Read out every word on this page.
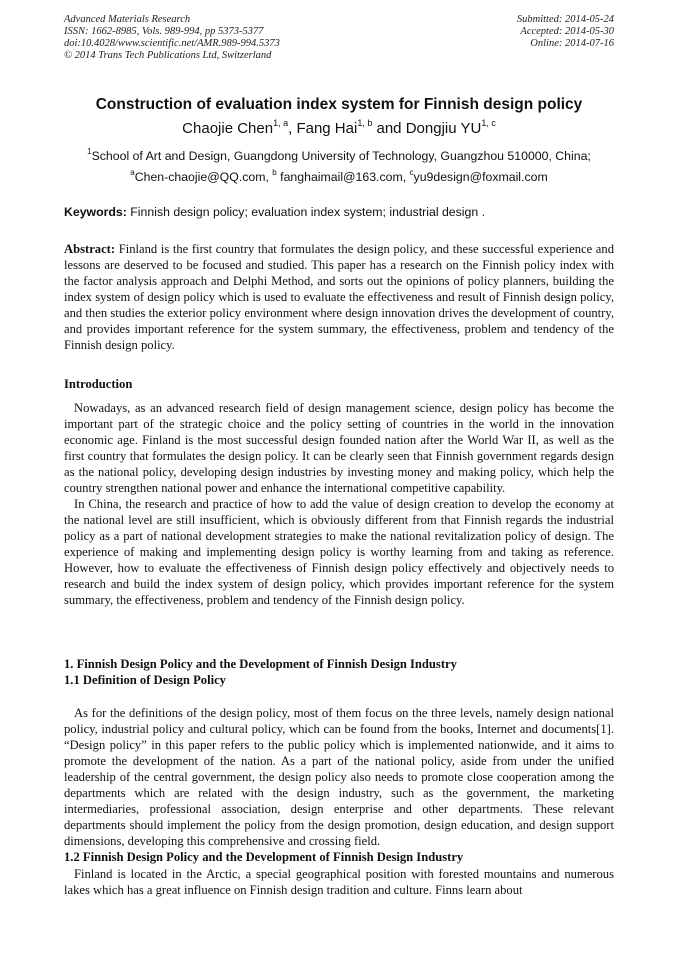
Advanced Materials Research
ISSN: 1662-8985, Vols. 989-994, pp 5373-5377
doi:10.4028/www.scientific.net/AMR.989-994.5373
© 2014 Trans Tech Publications Ltd, Switzerland
Submitted: 2014-05-24
Accepted: 2014-05-30
Online: 2014-07-16
Construction of evaluation index system for Finnish design policy
Chaojie Chen$^{1, a}$, Fang Hai$^{1, b}$ and Dongjiu YU$^{1, c}$
$^1$School of Art and Design, Guangdong University of Technology, Guangzhou 510000, China;
$^a$Chen-chaojie@QQ.com, $^b$ fanghaimail@163.com, $^c$yu9design@foxmail.com
Keywords: Finnish design policy; evaluation index system; industrial design .

Abstract: Finland is the first country that formulates the design policy, and these successful experience and lessons are deserved to be focused and studied. This paper has a research on the Finnish policy index with the factor analysis approach and Delphi Method, and sorts out the opinions of policy planners, building the index system of design policy which is used to evaluate the effectiveness and result of Finnish design policy, and then studies the exterior policy environment where design innovation drives the development of country, and provides important reference for the system summary, the effectiveness, problem and tendency of the Finnish design policy.

Introduction

Nowadays, as an advanced research field of design management science, design policy has become the important part of the strategic choice and the policy setting of countries in the world in the innovation economic age. Finland is the most successful design founded nation after the World War II, as well as the first country that formulates the design policy. It can be clearly seen that Finnish government regards design as the national policy, developing design industries by investing money and making policy, which help the country strengthen national power and enhance the international competitive capability.

In China, the research and practice of how to add the value of design creation to develop the economy at the national level are still insufficient, which is obviously different from that Finnish regards the industrial policy as a part of national development strategies to make the national revitalization policy of design. The experience of making and implementing design policy is worthy learning from and taking as reference. However, how to evaluate the effectiveness of Finnish design policy effectively and objectively needs to research and build the index system of design policy, which provides important reference for the system summary, the effectiveness, problem and tendency of the Finnish design policy.

1. Finnish Design Policy and the Development of Finnish Design Industry
1.1 Definition of Design Policy

As for the definitions of the design policy, most of them focus on the three levels, namely design national policy, industrial policy and cultural policy, which can be found from the books, Internet and documents[1]. “Design policy” in this paper refers to the public policy which is implemented nationwide, and it aims to promote the development of the nation. As a part of the national policy, aside from under the unified leadership of the central government, the design policy also needs to promote close cooperation among the departments which are related with the design industry, such as the government, the marketing intermediaries, professional association, design enterprise and other departments. These relevant departments should implement the policy from the design promotion, design education, and design support dimensions, developing this comprehensive and crossing field.

1.2 Finnish Design Policy and the Development of Finnish Design Industry

Finland is located in the Arctic, a special geographical position with forested mountains and numerous lakes which has a great influence on Finnish design tradition and culture. Finns learn about
